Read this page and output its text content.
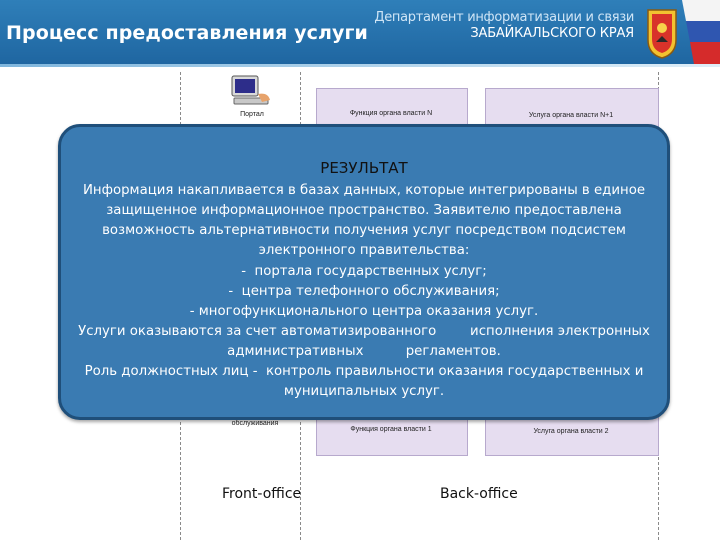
Процесс предоставления услуги
Департамент информатизации и связи
ЗАБАЙКАЛЬСКОГО КРАЯ
Портал	Функция органа власти N	Услуга органа власти N+1
обслуживания
Функция органа власти 1	Услуга органа власти 2
Front-office	Back-office
РЕЗУЛЬТАТ
Информация накапливается в базах данных, которые интегрированы в единое
защищенное информационное пространство. Заявителю предоставлена
возможность альтернативности получения услуг посредством подсистем
электронного правительства:
-  портала государственных услуг;
-  центра телефонного обслуживания;
- многофункционального центра оказания услуг.
Услуги оказываются за счет автоматизированного        исполнения электронных
административных          регламентов.
Роль должностных лиц -  контроль правильности оказания государственных и
муниципальных услуг.
